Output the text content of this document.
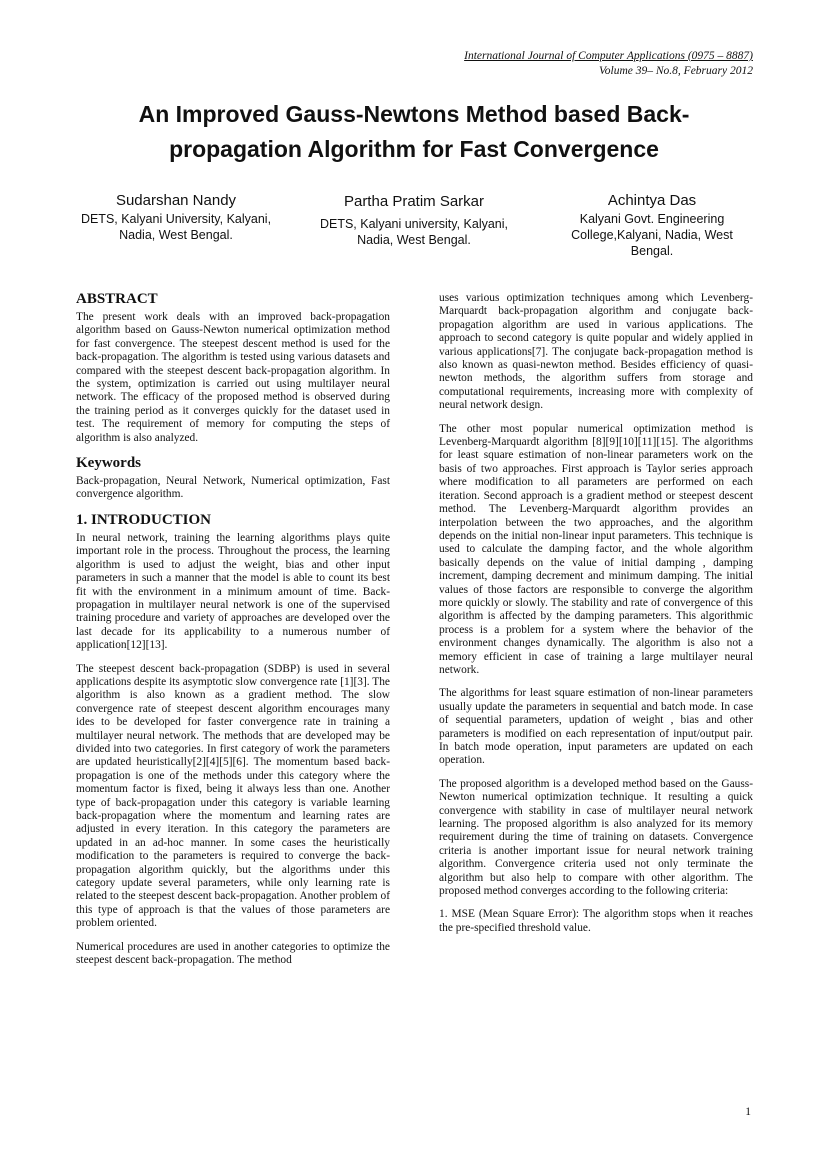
International Journal of Computer Applications (0975 – 8887)
Volume 39– No.8, February 2012
An Improved Gauss-Newtons Method based Back-propagation Algorithm for Fast Convergence
Sudarshan Nandy
DETS, Kalyani University, Kalyani, Nadia, West Bengal.
Partha Pratim Sarkar
DETS, Kalyani university, Kalyani, Nadia, West Bengal.
Achintya Das
Kalyani Govt. Engineering College,Kalyani, Nadia, West Bengal.
ABSTRACT

The present work deals with an improved back-propagation algorithm based on Gauss-Newton numerical optimization method for fast convergence. The steepest descent method is used for the back-propagation. The algorithm is tested using various datasets and compared with the steepest descent back-propagation algorithm. In the system, optimization is carried out using multilayer neural network. The efficacy of the proposed method is observed during the training period as it converges quickly for the dataset used in test. The requirement of memory for computing the steps of algorithm is also analyzed.

Keywords

Back-propagation, Neural Network, Numerical optimization, Fast convergence algorithm.

1. INTRODUCTION

In neural network, training the learning algorithms plays quite important role in the process. Throughout the process, the learning algorithm is used to adjust the weight, bias and other input parameters in such a manner that the model is able to count its best fit with the environment in a minimum amount of time. Back-propagation in multilayer neural network is one of the supervised training procedure and variety of approaches are developed over the last decade for its applicability to a numerous number of application[12][13].

The steepest descent back-propagation (SDBP) is used in several applications despite its asymptotic slow convergence rate [1][3]. The algorithm is also known as a gradient method. The slow convergence rate of steepest descent algorithm encourages many ides to be developed for faster convergence rate in training a multilayer neural network. The methods that are developed may be divided into two categories. In first category of work the parameters are updated heuristically[2][4][5][6]. The momentum based back-propagation is one of the methods under this category where the momentum factor is fixed, being it always less than one. Another type of back-propagation under this category is variable learning back-propagation where the momentum and learning rates are adjusted in every iteration. In this category the parameters are updated in an ad-hoc manner. In some cases the heuristically modification to the parameters is required to converge the back-propagation algorithm quickly, but the algorithms under this category update several parameters, while only learning rate is related to the steepest descent back-propagation. Another problem of this type of approach is that the values of those parameters are problem oriented.

Numerical procedures are used in another categories to optimize the steepest descent back-propagation. The method

uses various optimization techniques among which Levenberg-Marquardt back-propagation algorithm and conjugate back-propagation algorithm are used in various applications. The approach to second category is quite popular and widely applied in various applications[7]. The conjugate back-propagation method is also known as quasi-newton method. Besides efficiency of quasi-newton methods, the algorithm suffers from storage and computational requirements, increasing more with complexity of neural network design.

The other most popular numerical optimization method is Levenberg-Marquardt algorithm [8][9][10][11][15]. The algorithms for least square estimation of non-linear parameters work on the basis of two approaches. First approach is Taylor series approach where modification to all parameters are performed on each iteration. Second approach is a gradient method or steepest descent method. The Levenberg-Marquardt algorithm provides an interpolation between the two approaches, and the algorithm depends on the initial non-linear input parameters. This technique is used to calculate the damping factor, and the whole algorithm basically depends on the value of initial damping , damping increment, damping decrement and minimum damping. The initial values of those factors are responsible to converge the algorithm more quickly or slowly. The stability and rate of convergence of this algorithm is affected by the damping parameters. This algorithmic process is a problem for a system where the behavior of the environment changes dynamically. The algorithm is also not a memory efficient in case of training a large multilayer neural network.

The algorithms for least square estimation of non-linear parameters usually update the parameters in sequential and batch mode. In case of sequential parameters, updation of weight , bias and other parameters is modified on each representation of input/output pair. In batch mode operation, input parameters are updated on each operation.

The proposed algorithm is a developed method based on the Gauss-Newton numerical optimization technique. It resulting a quick convergence with stability in case of multilayer neural network learning. The proposed algorithm is also analyzed for its memory requirement during the time of training on datasets. Convergence criteria is another important issue for neural network training algorithm. Convergence criteria used not only terminate the algorithm but also help to compare with other algorithm. The proposed method converges according to the following criteria:

1. MSE (Mean Square Error): The algorithm stops when it reaches the pre-specified threshold value.

1
